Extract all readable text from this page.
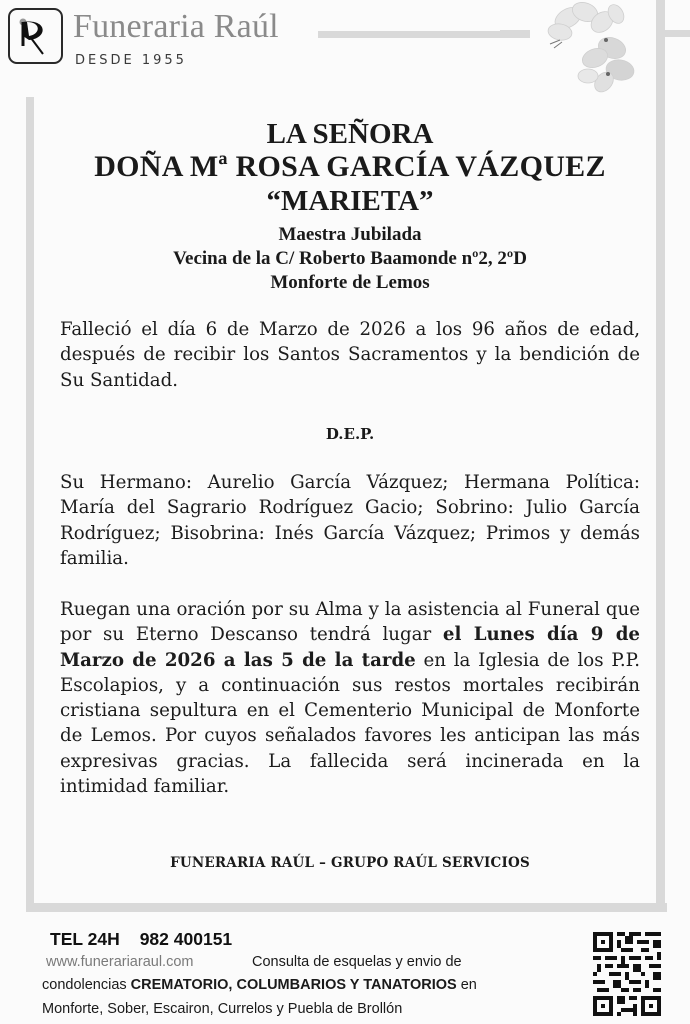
Funeraria Raúl
DESDE 1955
LA SEÑORA
DOÑA Mª ROSA GARCÍA VÁZQUEZ
“MARIETA”
Maestra Jubilada
Vecina de la C/ Roberto Baamonde nº2, 2ºD
Monforte de Lemos
Falleció el día 6 de Marzo de 2026 a los 96 años de edad, después de recibir los Santos Sacramentos y la bendición de Su Santidad.
D.E.P.
Su Hermano: Aurelio García Vázquez; Hermana Política: María del Sagrario Rodríguez Gacio; Sobrino: Julio García Rodríguez; Bisobrina: Inés García Vázquez; Primos y demás familia.
Ruegan una oración por su Alma y la asistencia al Funeral que por su Eterno Descanso tendrá lugar el Lunes día 9 de Marzo de 2026 a las 5 de la tarde en la Iglesia de los P.P. Escolapios, y a continuación sus restos mortales recibirán cristiana sepultura en el Cementerio Municipal de Monforte de Lemos. Por cuyos señalados favores les anticipan las más expresivas gracias. La fallecida será incinerada en la intimidad familiar.
FUNERARIA RAÚL – GRUPO RAÚL SERVICIOS
TEL 24H 982 400151
www.funerariaraul.com	Consulta de esquelas y envio de
condolencias CREMATORIO, COLUMBARIOS Y TANATORIOS en
Monforte, Sober, Escairon, Currelos y Puebla de Brollón
